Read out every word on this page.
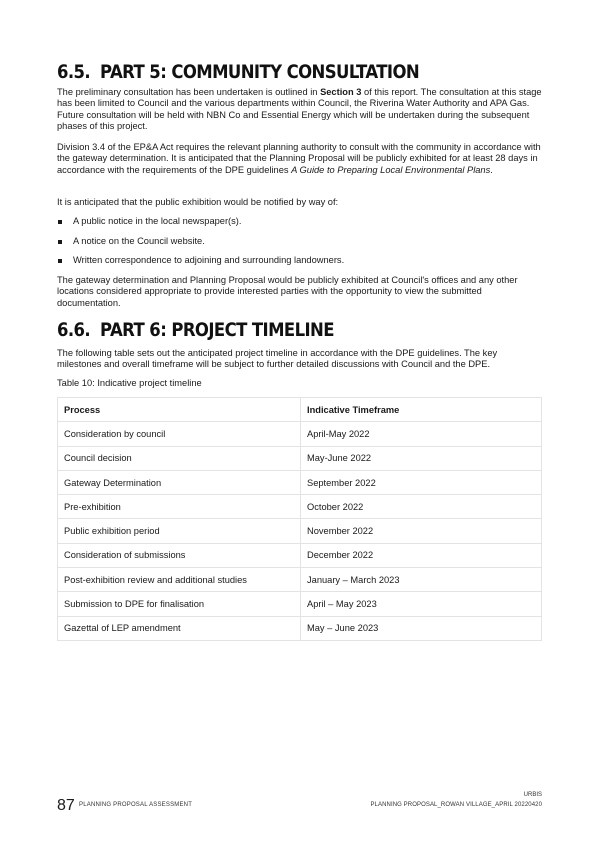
6.5. PART 5: COMMUNITY CONSULTATION

The preliminary consultation has been undertaken is outlined in Section 3 of this report. The consultation at this stage has been limited to Council and the various departments within Council, the Riverina Water Authority and APA Gas. Future consultation will be held with NBN Co and Essential Energy which will be undertaken during the subsequent phases of this project.

Division 3.4 of the EP&A Act requires the relevant planning authority to consult with the community in accordance with the gateway determination. It is anticipated that the Planning Proposal will be publicly exhibited for at least 28 days in accordance with the requirements of the DPE guidelines A Guide to Preparing Local Environmental Plans.

It is anticipated that the public exhibition would be notified by way of:

A public notice in the local newspaper(s).
A notice on the Council website.
Written correspondence to adjoining and surrounding landowners.

The gateway determination and Planning Proposal would be publicly exhibited at Council's offices and any other locations considered appropriate to provide interested parties with the opportunity to view the submitted documentation.

6.6. PART 6: PROJECT TIMELINE

The following table sets out the anticipated project timeline in accordance with the DPE guidelines. The key milestones and overall timeframe will be subject to further detailed discussions with Council and the DPE.

Table 10: Indicative project timeline
Process	Indicative Timeframe
Consideration by council	April-May 2022
Council decision	May-June 2022
Gateway Determination	September 2022
Pre-exhibition	October 2022
Public exhibition period	November 2022
Consideration of submissions	December 2022
Post-exhibition review and additional studies	January – March 2023
Submission to DPE for finalisation	April – May 2023
Gazettal of LEP amendment	May – June 2023
87 PLANNING PROPOSAL ASSESSMENT
URBIS
PLANNING PROPOSAL_ROWAN VILLAGE_APRIL 20220420
